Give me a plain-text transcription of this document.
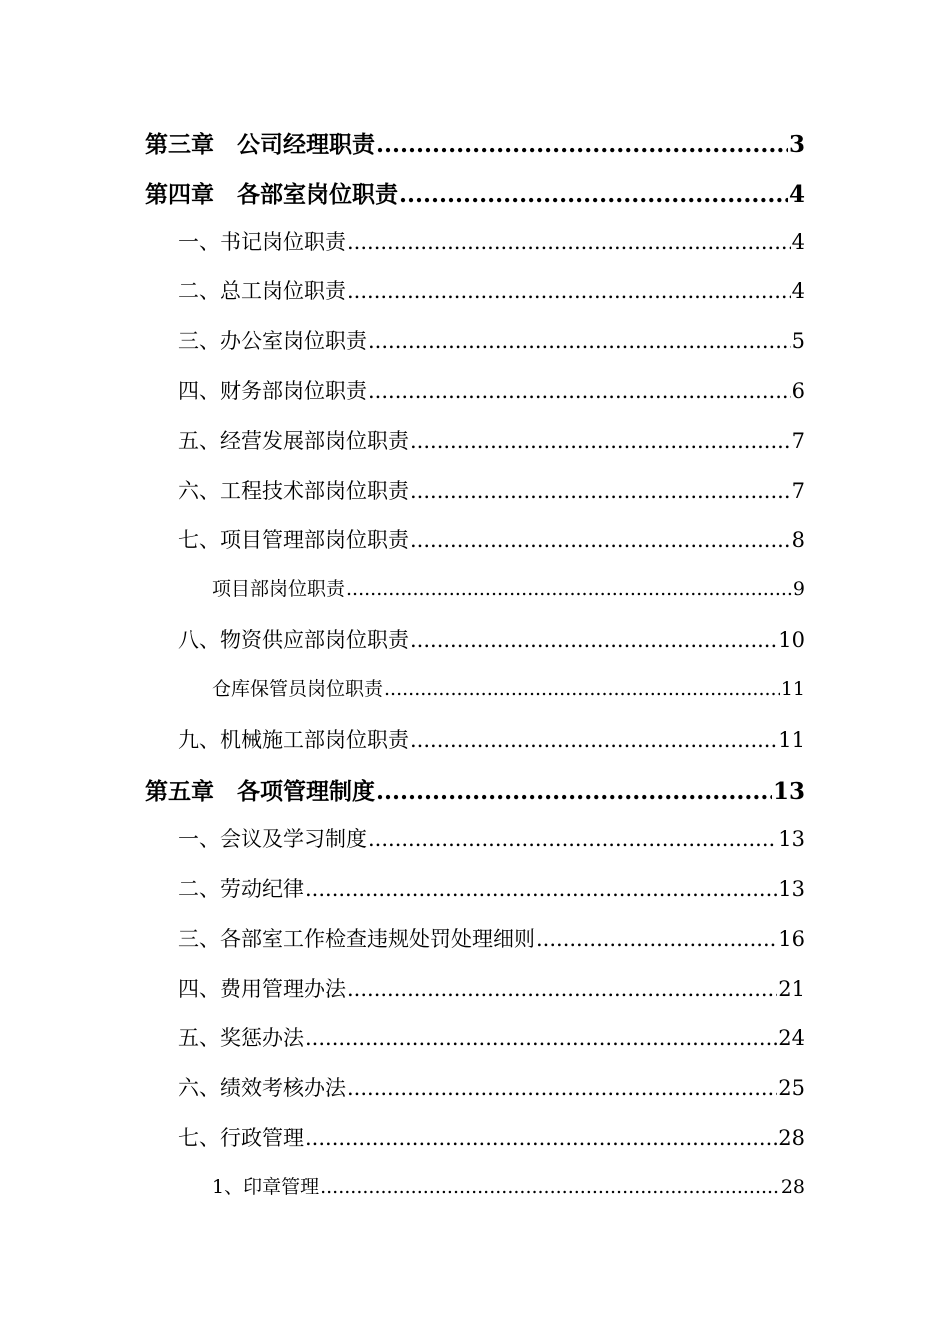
第三章　公司经理职责 .....	3
第四章　各部室岗位职责 .....	4
一、书记岗位职责 .....	4
二、总工岗位职责 .....	4
三、办公室岗位职责 .....	5
四、财务部岗位职责 .....	6
五、经营发展部岗位职责 .....	7
六、工程技术部岗位职责 .....	7
七、项目管理部岗位职责 .....	8
项目部岗位职责 .....	9
八、物资供应部岗位职责 .....	10
仓库保管员岗位职责 .....	11
九、机械施工部岗位职责 .....	11
第五章　各项管理制度 .....	13
一、会议及学习制度 .....	13
二、劳动纪律 .....	13
三、各部室工作检查违规处罚处理细则 .....	16
四、费用管理办法 .....	21
五、奖惩办法 .....	24
六、绩效考核办法 .....	25
七、行政管理 .....	28
1、印章管理 .....	28
